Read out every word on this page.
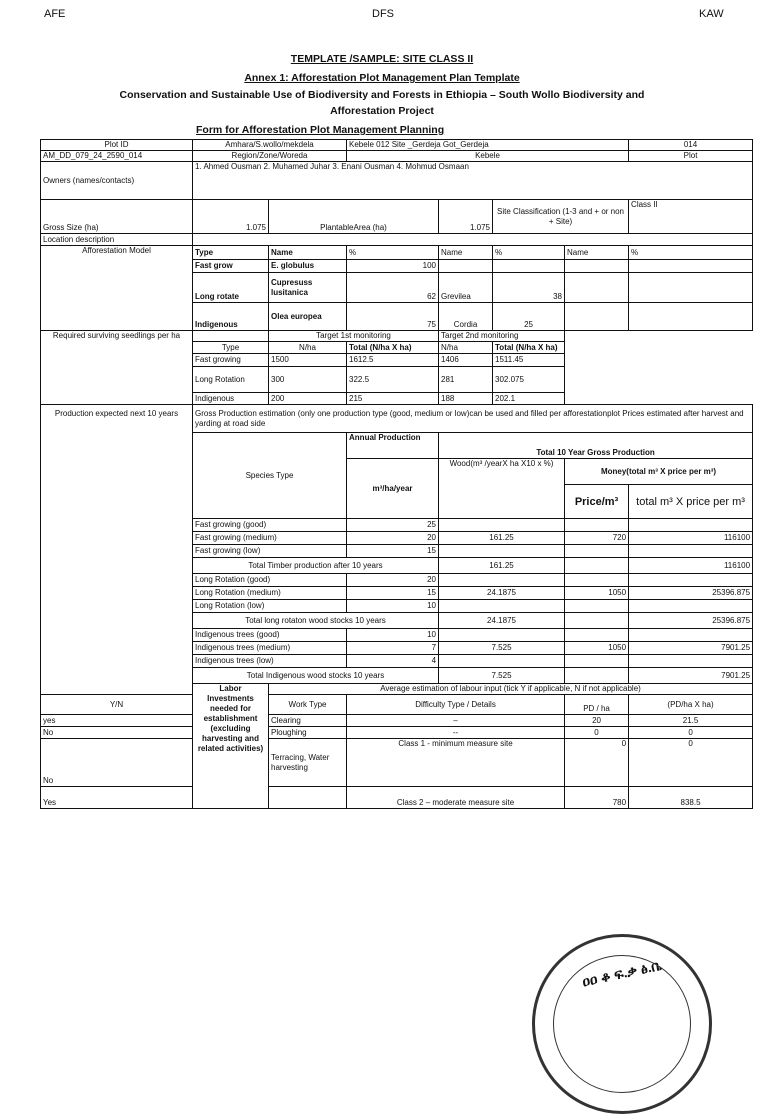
AFE	DFS	KAW
TEMPLATE /SAMPLE: SITE CLASS II
Annex 1: Afforestation Plot Management Plan Template
Conservation and Sustainable Use of Biodiversity and Forests in Ethiopia – South Wollo Biodiversity and
Afforestation Project
Form for Afforestation Plot Management Planning
Plot ID	Amhara/S.wollo/mekdela		Kebele 012 Site _Gerdeja Got_Gerdeja				014	
AM_DD_079_24_2590_014	Region/Zone/Woreda		Kebele				Plot	
Owners (names/contacts)	1. Ahmed Ousman 2. Muhamed Juhar 3. Enani Ousman 4. Mohmud Osmaan							
Gross Size (ha)	1.075	PlantableArea (ha)		1.075	Site Classification (1-3 and + or non + Site)		Class II	
Location description								
Afforestation Model	Type	Name	%	Name	%	Name	%	
	Fast grow	E. globulus	100					
	Long rotate	Cupresuss lusitanica	62	Grevilea	38			
	Indigenous	Olea europea	75	Cordia	25			
Required surviving seedlings per ha		Target 1st monitoring		Target 2nd monitoring				
	Type	N/ha	Total (N/ha X ha)	N/ha	Total (N/ha X ha)			
	Fast growing	1500	1612.5	1406	1511.45			
	Long Rotation	300	322.5	281	302.075			
	Indigenous	200	215	188	202.1			
Production expected next 10 years	Gross Production estimation (only one production type (good, medium or low)can be used and filled per afforestationplot Prices estimated after harvest and yarding at road side							
	Species Type		Annual Production	Total 10 Year Gross Production				
			m³/ha/year	Wood(m³ /yearX ha X10 x %)		Money(total m³ X price per m³)		
						Price/m³	total m³ X price per m³	
	Fast growing (good)		25					
	Fast growing (medium)		20	161.25		720	116100	
	Fast growing (low)		15					
	Total Timber production after 10 years			161.25			116100	
	Long Rotation (good)		20					
	Long Rotation (medium)		15	24.1875		1050	25396.875	
	Long Rotation (low)		10					
	Total long rotaton wood stocks 10 years			24.1875			25396.875	
	Indigenous trees (good)		10					
	Indigenous trees (medium)		7	7.525		1050	7901.25	
	Indigenous trees (low)		4					
	Total Indigenous wood stocks 10 years			7.525			7901.25	
	Labor Investments needed for establishment (excluding harvesting and related activities)	Average estimation of labour input (tick Y if applicable, N if not applicable)	
Y/N		Work Type	Difficulty Type / Details			PD / ha	(PD/ha X ha)	
yes		Clearing	–			20	21.5	
No		Ploughing	--			0	0	
No		Terracing, Water harvesting	Class 1 - minimum measure site			0	0	
Yes			Class 2 – moderate measure site			780	838.5	
ዐዐ ቆ ፍ.ቃ ፅ.ቤ
